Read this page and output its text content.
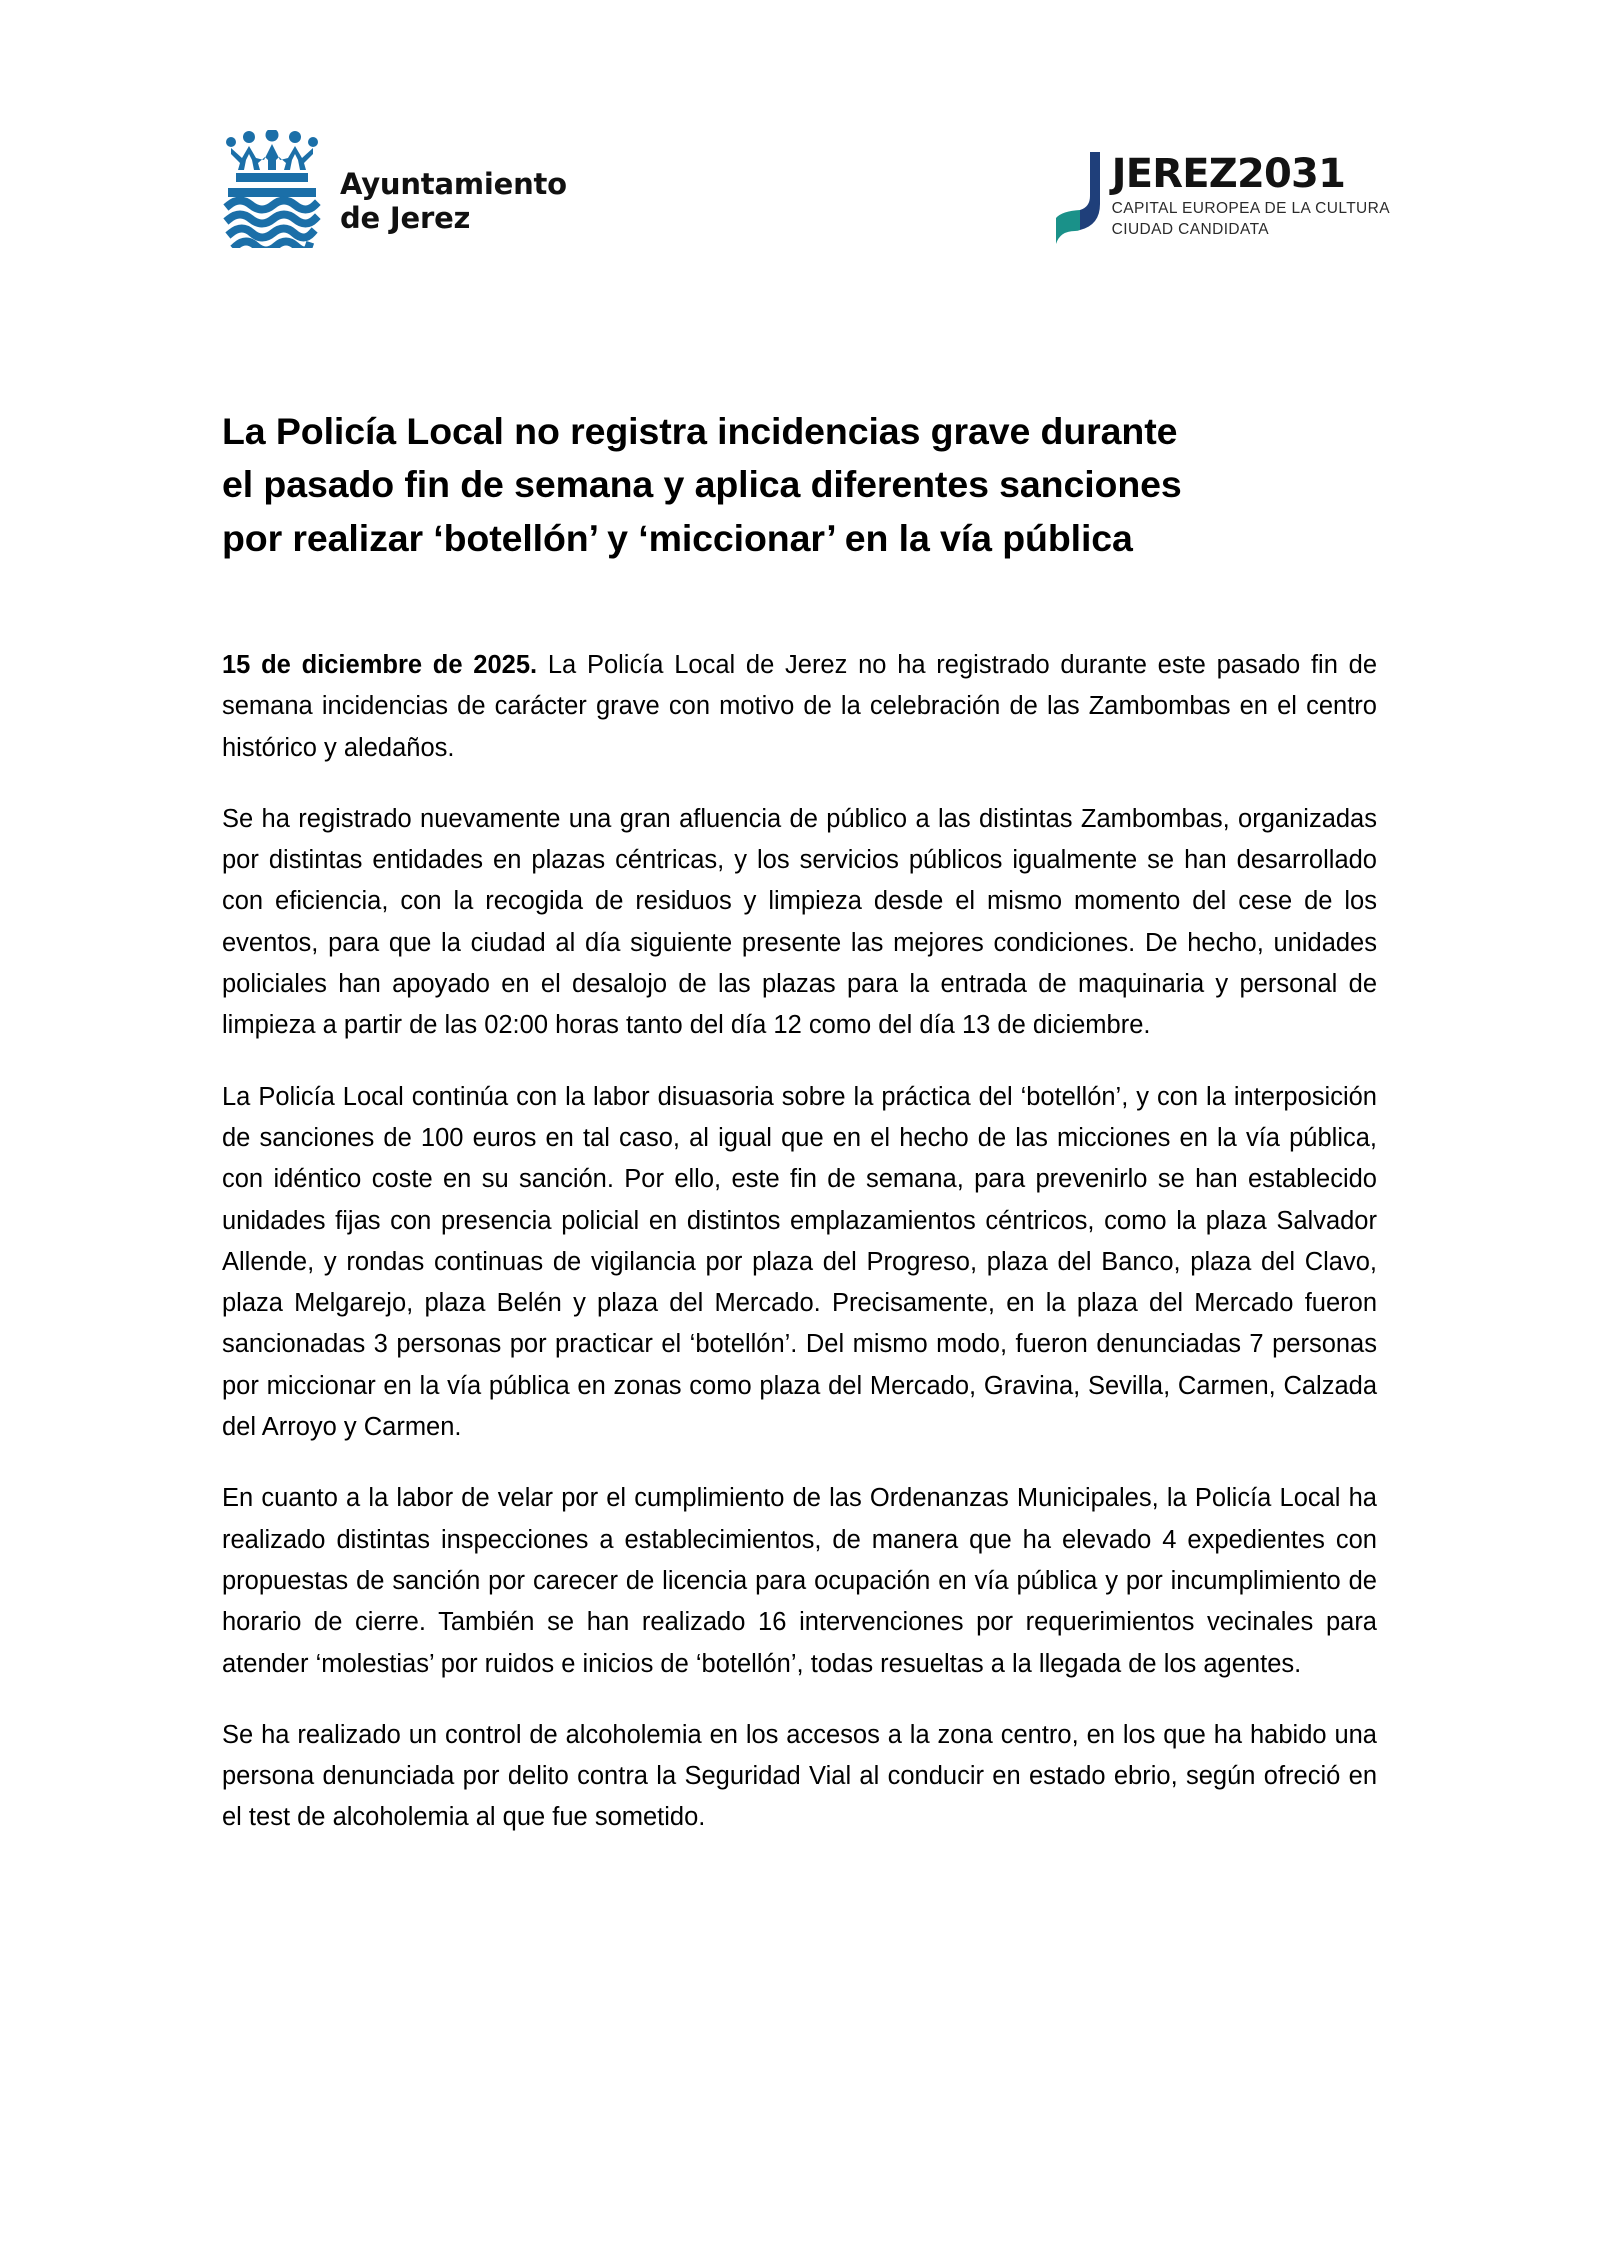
Ayuntamiento
de Jerez
JEREZ2031
CAPITAL EUROPEA DE LA CULTURA
CIUDAD CANDIDATA
La Policía Local no registra incidencias grave durante
el pasado fin de semana y aplica diferentes sanciones
por realizar ‘botellón’ y ‘miccionar’ en la vía pública

15 de diciembre de 2025. La Policía Local de Jerez no ha registrado durante este pasado fin de semana incidencias de carácter grave con motivo de la celebración de las Zambombas en el centro histórico y aledaños.

Se ha registrado nuevamente una gran afluencia de público a las distintas Zambombas, organizadas por distintas entidades en plazas céntricas, y los servicios públicos igualmente se han desarrollado con eficiencia, con la recogida de residuos y limpieza desde el mismo momento del cese de los eventos, para que la ciudad al día siguiente presente las mejores condiciones. De hecho, unidades policiales han apoyado en el desalojo de las plazas para la entrada de maquinaria y personal de limpieza a partir de las 02:00 horas tanto del día 12 como del día 13 de diciembre.

La Policía Local continúa con la labor disuasoria sobre la práctica del ‘botellón’, y con la interposición de sanciones de 100 euros en tal caso, al igual que en el hecho de las micciones en la vía pública, con idéntico coste en su sanción. Por ello, este fin de semana, para prevenirlo se han establecido unidades fijas con presencia policial en distintos emplazamientos céntricos, como la plaza Salvador Allende, y rondas continuas de vigilancia por plaza del Progreso, plaza del Banco, plaza del Clavo, plaza Melgarejo, plaza Belén y plaza del Mercado. Precisamente, en la plaza del Mercado fueron sancionadas 3 personas por practicar el ‘botellón’. Del mismo modo, fueron denunciadas 7 personas por miccionar en la vía pública en zonas como plaza del Mercado, Gravina, Sevilla, Carmen, Calzada del Arroyo y Carmen.

En cuanto a la labor de velar por el cumplimiento de las Ordenanzas Municipales, la Policía Local ha realizado distintas inspecciones a establecimientos, de manera que ha elevado 4 expedientes con propuestas de sanción por carecer de licencia para ocupación en vía pública y por incumplimiento de horario de cierre. También se han realizado 16 intervenciones por requerimientos vecinales para atender ‘molestias’ por ruidos e inicios de ‘botellón’, todas resueltas a la llegada de los agentes.

Se ha realizado un control de alcoholemia en los accesos a la zona centro, en los que ha habido una persona denunciada por delito contra la Seguridad Vial al conducir en estado ebrio, según ofreció en el test de alcoholemia al que fue sometido.
